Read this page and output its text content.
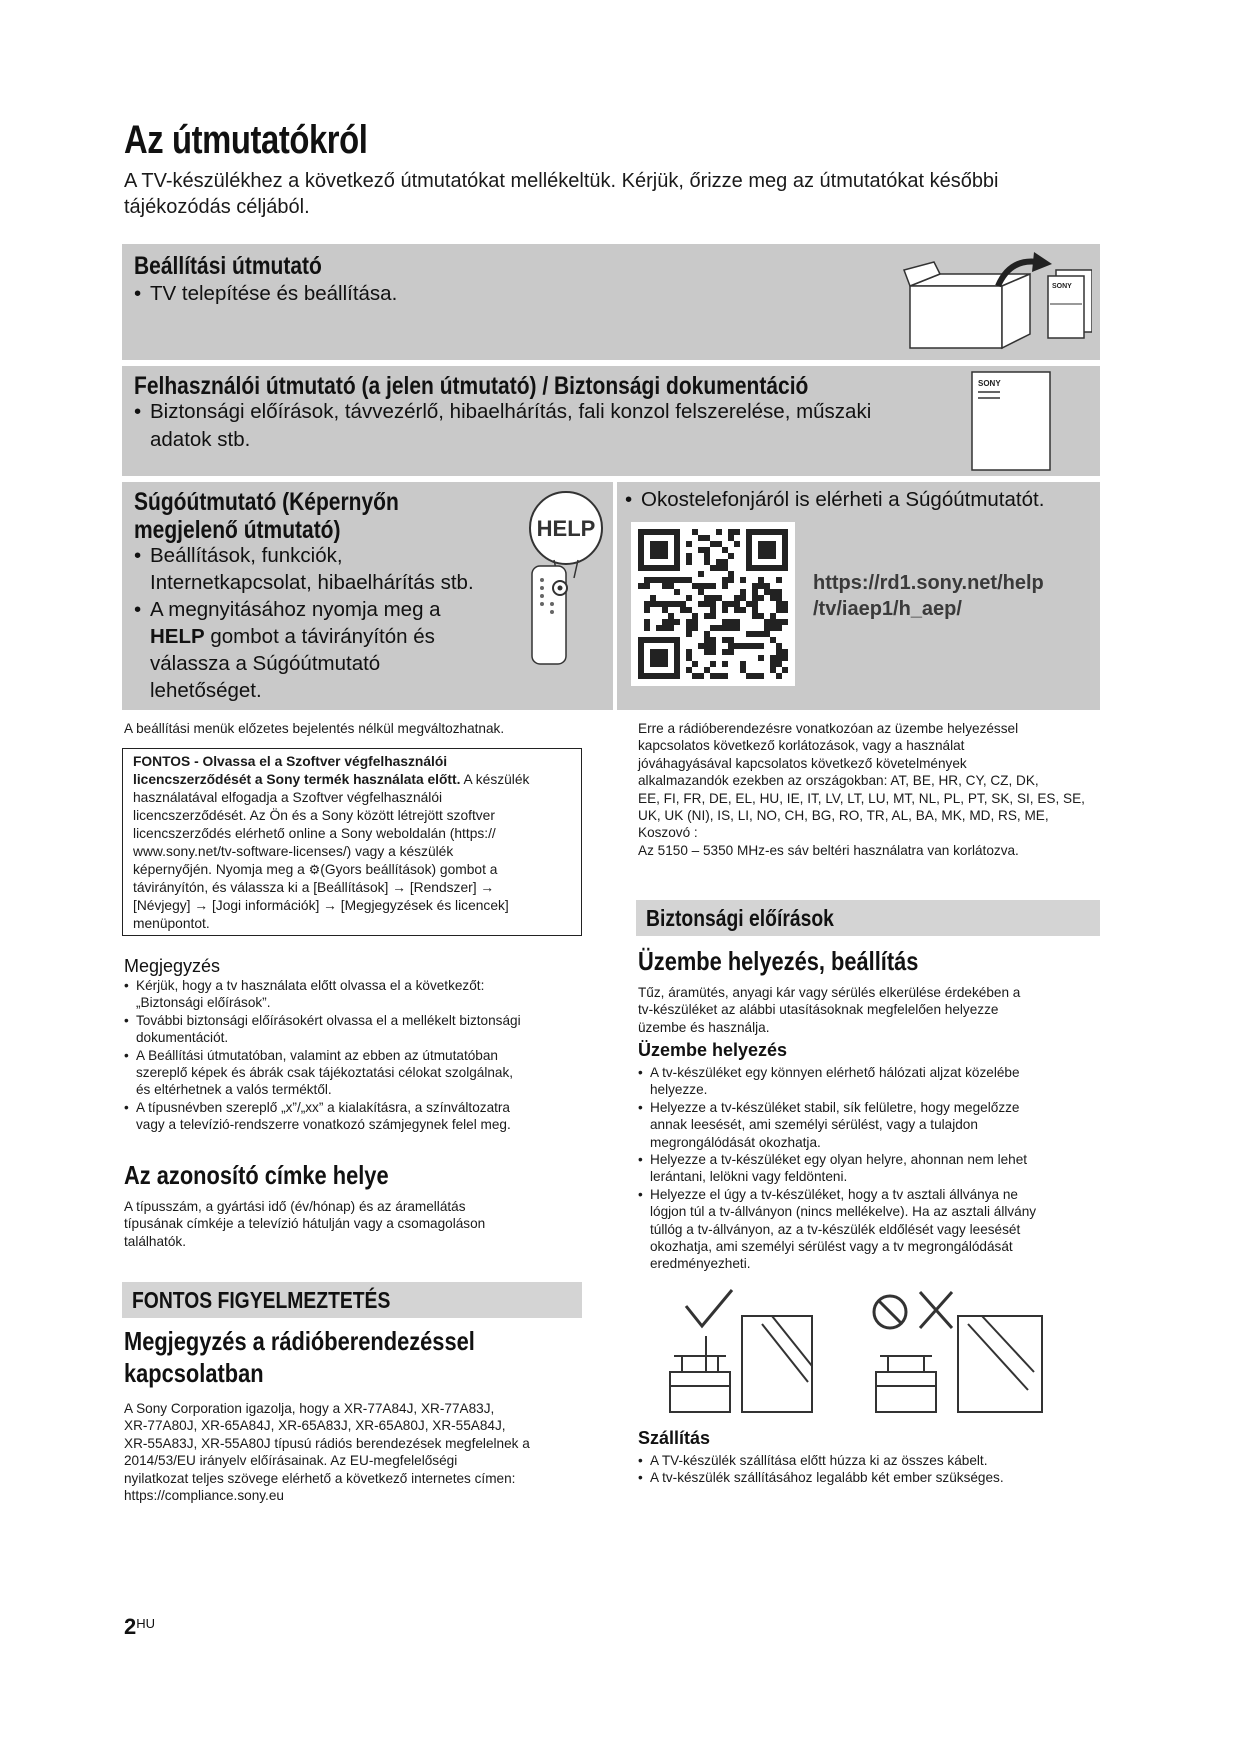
Az útmutatókról
A TV-készülékhez a következő útmutatókat mellékeltük. Kérjük, őrizze meg az útmutatókat későbbi tájékozódás céljából.
Beállítási útmutató
• TV telepítése és beállítása.	SONY
Felhasználói útmutató (a jelen útmutató) / Biztonsági dokumentáció
• Biztonsági előírások, távvezérlő, hibaelhárítás, fali konzol felszerelése, műszaki
adatok stb.
SONY
Súgóútmutató (Képernyőn
megjelenő útmutató)
• Beállítások, funkciók,
Internetkapcsolat, hibaelhárítás stb.
• A megnyitásához nyomja meg a
HELP gombot a távirányítón és
válassza a Súgóútmutató
lehetőséget.
HELP
• Okostelefonjáról is elérheti a Súgóútmutatót.
https://rd1.sony.net/help
/tv/iaep1/h_aep/
A beállítási menük előzetes bejelentés nélkül megváltozhatnak.
FONTOS - Olvassa el a Szoftver végfelhasználói
licencszerződését a Sony termék használata előtt. A készülék
használatával elfogadja a Szoftver végfelhasználói
licencszerződését. Az Ön és a Sony között létrejött szoftver
licencszerződés elérhető online a Sony weboldalán (https://
www.sony.net/tv-software-licenses/) vagy a készülék
képernyőjén. Nyomja meg a ⚙(Gyors beállítások) gombot a
távirányítón, és válassza ki a [Beállítások] → [Rendszer] →
[Névjegy] → [Jogi információk] → [Megjegyzések és licencek]
menüpontot.
Megjegyzés
• Kérjük, hogy a tv használata előtt olvassa el a következőt:
„Biztonsági előírások”.
• További biztonsági előírásokért olvassa el a mellékelt biztonsági
dokumentációt.
• A Beállítási útmutatóban, valamint az ebben az útmutatóban
szereplő képek és ábrák csak tájékoztatási célokat szolgálnak,
és eltérhetnek a valós terméktől.
• A típusnévben szereplő „x”/„xx” a kialakításra, a színváltozatra
vagy a televízió-rendszerre vonatkozó számjegynek felel meg.
Az azonosító címke helye
A típusszám, a gyártási idő (év/hónap) és az áramellátás
típusának címkéje a televízió hátulján vagy a csomagoláson
találhatók.
FONTOS FIGYELMEZTETÉS
Megjegyzés a rádióberendezéssel
kapcsolatban
A Sony Corporation igazolja, hogy a XR-77A84J, XR-77A83J,
XR-77A80J, XR-65A84J, XR-65A83J, XR-65A80J, XR-55A84J,
XR-55A83J, XR-55A80J típusú rádiós berendezések megfelelnek a
2014/53/EU irányelv előírásainak. Az EU-megfelelőségi
nyilatkozat teljes szövege elérhető a következő internetes címen:
https://compliance.sony.eu
Erre a rádióberendezésre vonatkozóan az üzembe helyezéssel
kapcsolatos következő korlátozások, vagy a használat
jóváhagyásával kapcsolatos következő követelmények
alkalmazandók ezekben az országokban: AT, BE, HR, CY, CZ, DK,
EE, FI, FR, DE, EL, HU, IE, IT, LV, LT, LU, MT, NL, PL, PT, SK, SI, ES, SE,
UK, UK (NI), IS, LI, NO, CH, BG, RO, TR, AL, BA, MK, MD, RS, ME,
Koszovó :
Az 5150 – 5350 MHz-es sáv beltéri használatra van korlátozva.
Biztonsági előírások
Üzembe helyezés, beállítás
Tűz, áramütés, anyagi kár vagy sérülés elkerülése érdekében a
tv-készüléket az alábbi utasításoknak megfelelően helyezze
üzembe és használja.
Üzembe helyezés
• A tv-készüléket egy könnyen elérhető hálózati aljzat közelébe
helyezze.
• Helyezze a tv-készüléket stabil, sík felületre, hogy megelőzze
annak leesését, ami személyi sérülést, vagy a tulajdon
megrongálódását okozhatja.
• Helyezze a tv-készüléket egy olyan helyre, ahonnan nem lehet
lerántani, lelökni vagy feldönteni.
• Helyezze el úgy a tv-készüléket, hogy a tv asztali állványa ne
lógjon túl a tv-állványon (nincs mellékelve). Ha az asztali állvány
túllóg a tv-állványon, az a tv-készülék eldőlését vagy leesését
okozhatja, ami személyi sérülést vagy a tv megrongálódását
eredményezheti.
Szállítás
• A TV-készülék szállítása előtt húzza ki az összes kábelt.
• A tv-készülék szállításához legalább két ember szükséges.
$2^{HU}$
